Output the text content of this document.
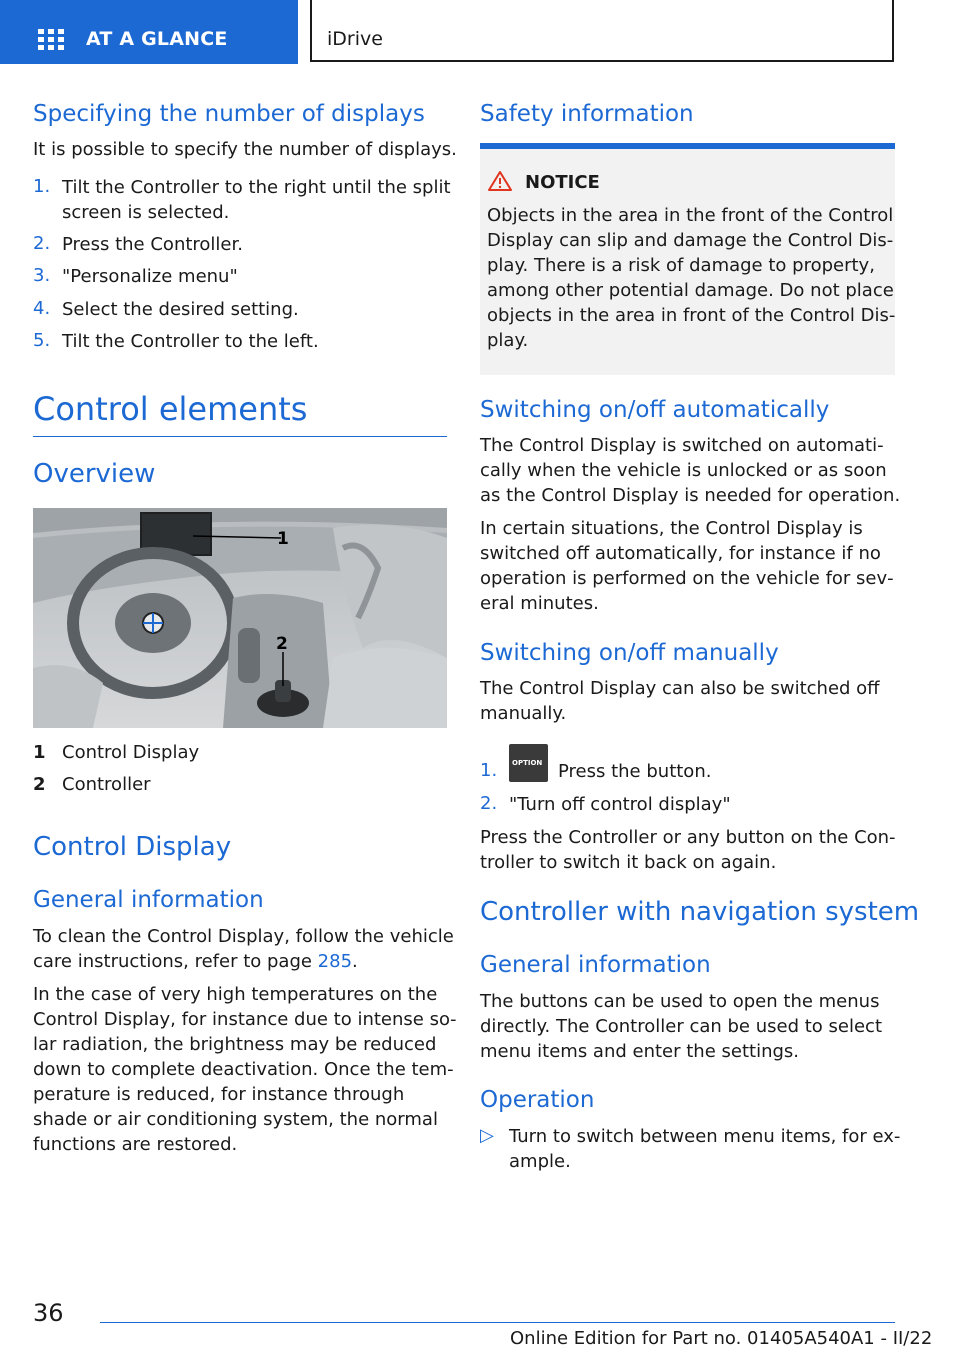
AT A GLANCE	iDrive
Specifying the number of displays
It is possible to specify the number of displays.
1. Tilt the Controller to the right until the split
screen is selected.
2. Press the Controller.
3. "Personalize menu"
4. Select the desired setting.
5. Tilt the Controller to the left.
Control elements
Overview
1
2
1 Control Display
2 Controller
Control Display
General information
To clean the Control Display, follow the vehicle
care instructions, refer to page 285.
In the case of very high temperatures on the
Control Display, for instance due to intense so‐
lar radiation, the brightness may be reduced
down to complete deactivation. Once the tem‐
perature is reduced, for instance through
shade or air conditioning system, the normal
functions are restored.
Safety information
NOTICE
Objects in the area in the front of the Control
Display can slip and damage the Control Dis‐
play. There is a risk of damage to property,
among other potential damage. Do not place
objects in the area in front of the Control Dis‐
play.
Switching on/off automatically
The Control Display is switched on automati‐
cally when the vehicle is unlocked or as soon
as the Control Display is needed for operation.
In certain situations, the Control Display is
switched off automatically, for instance if no
operation is performed on the vehicle for sev‐
eral minutes.
Switching on/off manually
The Control Display can also be switched off
manually.
1. OPTION Press the button.
2. "Turn off control display"
Press the Controller or any button on the Con‐
troller to switch it back on again.
Controller with navigation system
General information
The buttons can be used to open the menus
directly. The Controller can be used to select
menu items and enter the settings.
Operation
▷ Turn to switch between menu items, for ex‐
ample.
36
Online Edition for Part no. 01405A540A1 - II/22
